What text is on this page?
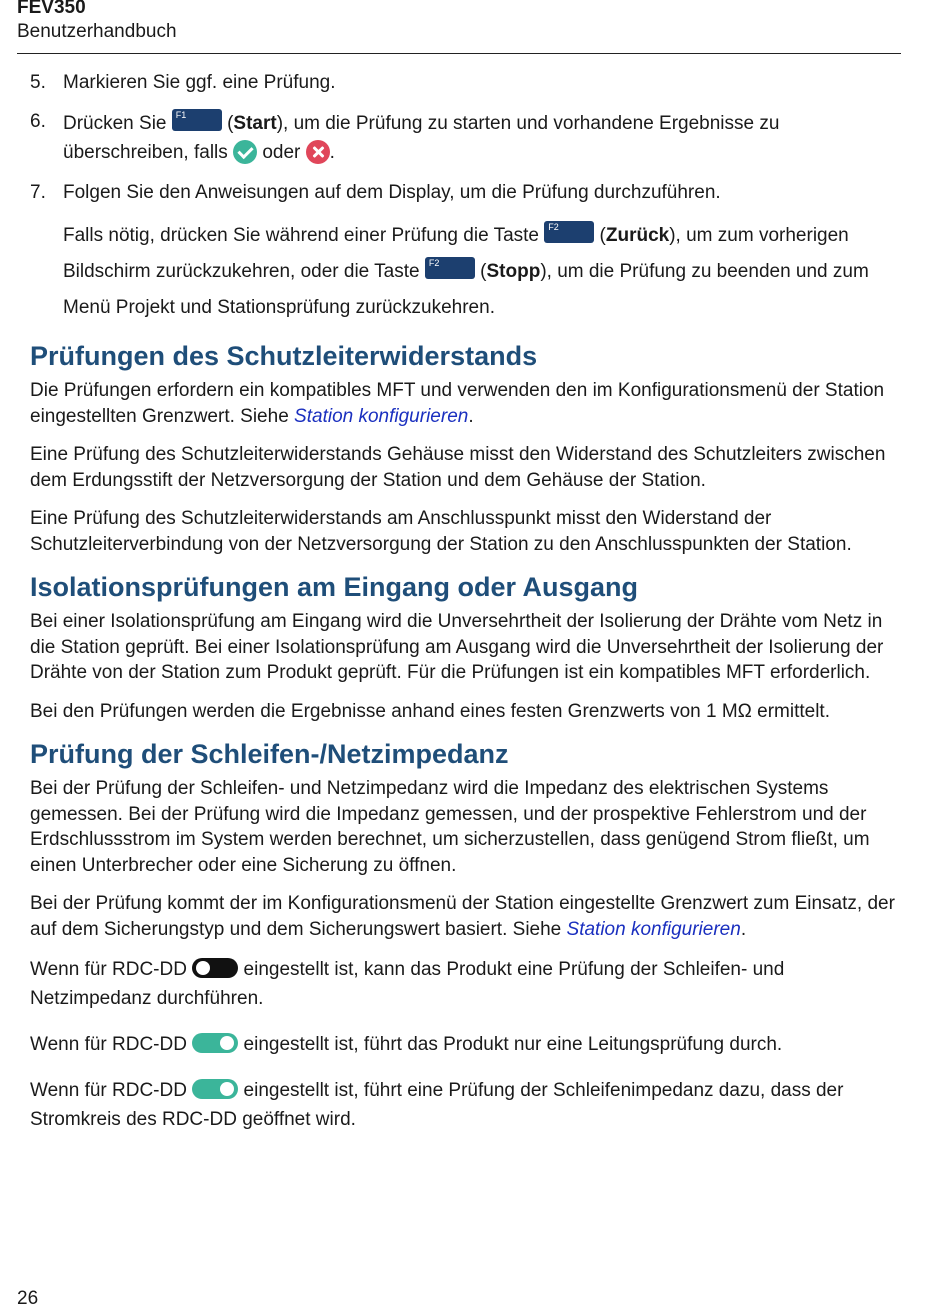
FEV350
Benutzerhandbuch
5. Markieren Sie ggf. eine Prüfung.
6. Drücken Sie F1 (Start), um die Prüfung zu starten und vorhandene Ergebnisse zu überschreiben, falls oder .
7. Folgen Sie den Anweisungen auf dem Display, um die Prüfung durchzuführen.
Falls nötig, drücken Sie während einer Prüfung die Taste F2 (Zurück), um zum vorherigen Bildschirm zurückzukehren, oder die Taste F2 (Stopp), um die Prüfung zu beenden und zum Menü Projekt und Stationsprüfung zurückzukehren.
Prüfungen des Schutzleiterwiderstands

Die Prüfungen erfordern ein kompatibles MFT und verwenden den im Konfigurationsmenü der Station eingestellten Grenzwert. Siehe Station konfigurieren.

Eine Prüfung des Schutzleiterwiderstands Gehäuse misst den Widerstand des Schutzleiters zwischen dem Erdungsstift der Netzversorgung der Station und dem Gehäuse der Station.

Eine Prüfung des Schutzleiterwiderstands am Anschlusspunkt misst den Widerstand der Schutzleiterverbindung von der Netzversorgung der Station zu den Anschlusspunkten der Station.

Isolationsprüfungen am Eingang oder Ausgang

Bei einer Isolationsprüfung am Eingang wird die Unversehrtheit der Isolierung der Drähte vom Netz in die Station geprüft. Bei einer Isolationsprüfung am Ausgang wird die Unversehrtheit der Isolierung der Drähte von der Station zum Produkt geprüft. Für die Prüfungen ist ein kompatibles MFT erforderlich.

Bei den Prüfungen werden die Ergebnisse anhand eines festen Grenzwerts von 1 MΩ ermittelt.

Prüfung der Schleifen-/Netzimpedanz

Bei der Prüfung der Schleifen- und Netzimpedanz wird die Impedanz des elektrischen Systems gemessen. Bei der Prüfung wird die Impedanz gemessen, und der prospektive Fehlerstrom und der Erdschlussstrom im System werden berechnet, um sicherzustellen, dass genügend Strom fließt, um einen Unterbrecher oder eine Sicherung zu öffnen.

Bei der Prüfung kommt der im Konfigurationsmenü der Station eingestellte Grenzwert zum Einsatz, der auf dem Sicherungstyp und dem Sicherungswert basiert. Siehe Station konfigurieren.

Wenn für RDC-DD	eingestellt ist, kann das Produkt eine Prüfung der Schleifen- und Netzimpedanz durchführen.

Wenn für RDC-DD	eingestellt ist, führt das Produkt nur eine Leitungsprüfung durch.

Wenn für RDC-DD	eingestellt ist, führt eine Prüfung der Schleifenimpedanz dazu, dass der Stromkreis des RDC-DD geöffnet wird.

26
